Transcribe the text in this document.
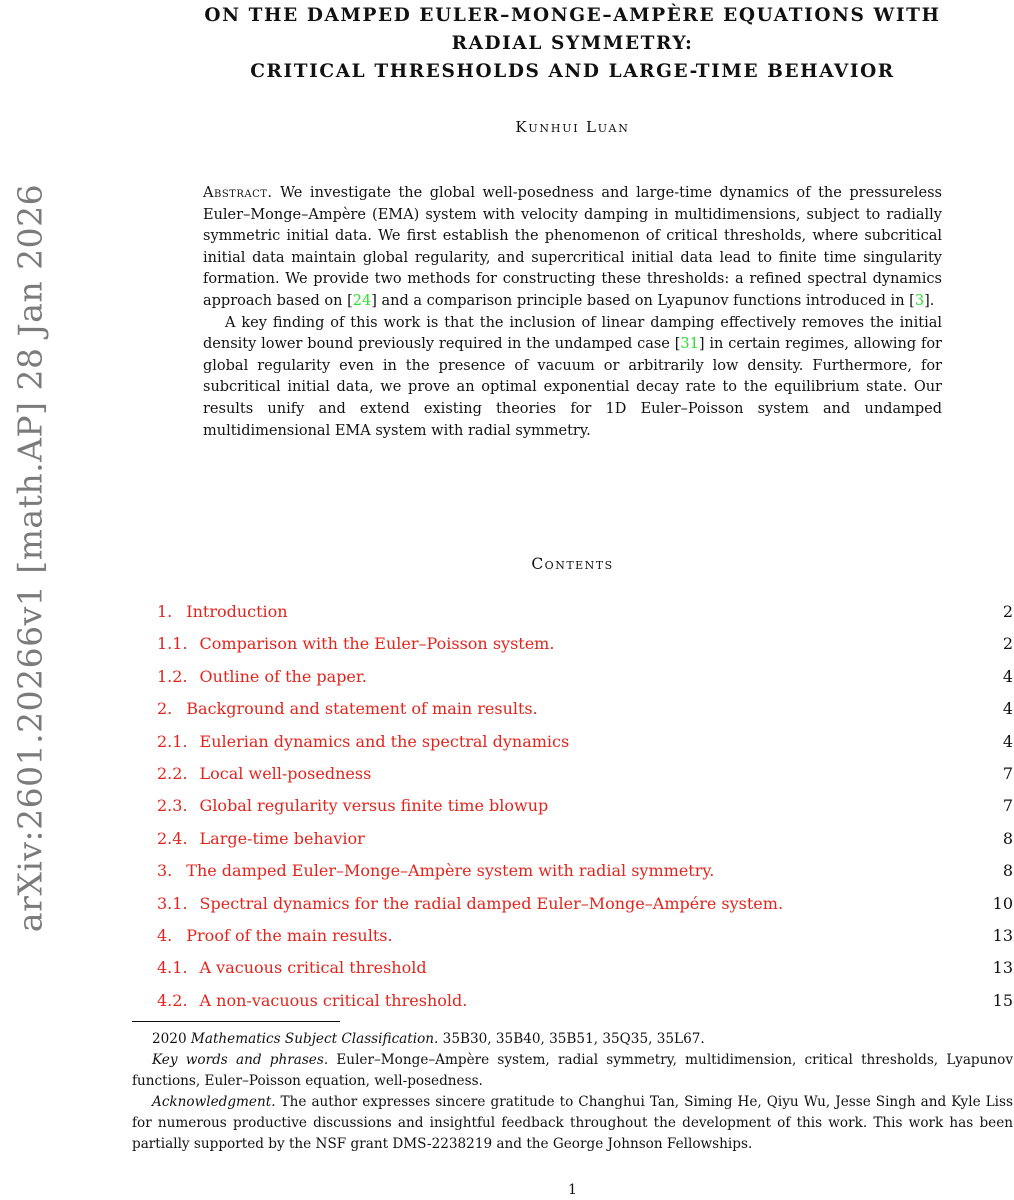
arXiv:2601.20266v1 [math.AP] 28 Jan 2026
ON THE DAMPED EULER–MONGE–AMPÈRE EQUATIONS WITH
RADIAL SYMMETRY:
CRITICAL THRESHOLDS AND LARGE-TIME BEHAVIOR
Kunhui Luan

Abstract. We investigate the global well-posedness and large-time dynamics of the pressureless Euler–Monge–Ampère (EMA) system with velocity damping in multidimensions, subject to radially symmetric initial data. We first establish the phenomenon of critical thresholds, where subcritical initial data maintain global regularity, and supercritical initial data lead to finite time singularity formation. We provide two methods for constructing these thresholds: a refined spectral dynamics approach based on [24] and a comparison principle based on Lyapunov functions introduced in [3].

A key finding of this work is that the inclusion of linear damping effectively removes the initial density lower bound previously required in the undamped case [31] in certain regimes, allowing for global regularity even in the presence of vacuum or arbitrarily low density. Furthermore, for subcritical initial data, we prove an optimal exponential decay rate to the equilibrium state. Our results unify and extend existing theories for 1D Euler–Poisson system and undamped multidimensional EMA system with radial symmetry.

Contents
1. Introduction	2
1.1. Comparison with the Euler–Poisson system.	2
1.2. Outline of the paper.	4
2. Background and statement of main results.	4
2.1. Eulerian dynamics and the spectral dynamics	4
2.2. Local well-posedness	7
2.3. Global regularity versus finite time blowup	7
2.4. Large-time behavior	8
3. The damped Euler–Monge–Ampère system with radial symmetry.	8
3.1. Spectral dynamics for the radial damped Euler–Monge–Ampére system.	10
4. Proof of the main results.	13
4.1. A vacuous critical threshold	13
4.2. A non-vacuous critical threshold.	15

2020 Mathematics Subject Classification. 35B30, 35B40, 35B51, 35Q35, 35L67.

Key words and phrases. Euler–Monge–Ampère system, radial symmetry, multidimension, critical thresholds, Lyapunov functions, Euler–Poisson equation, well-posedness.

Acknowledgment. The author expresses sincere gratitude to Changhui Tan, Siming He, Qiyu Wu, Jesse Singh and Kyle Liss for numerous productive discussions and insightful feedback throughout the development of this work. This work has been partially supported by the NSF grant DMS-2238219 and the George Johnson Fellowships.

1
